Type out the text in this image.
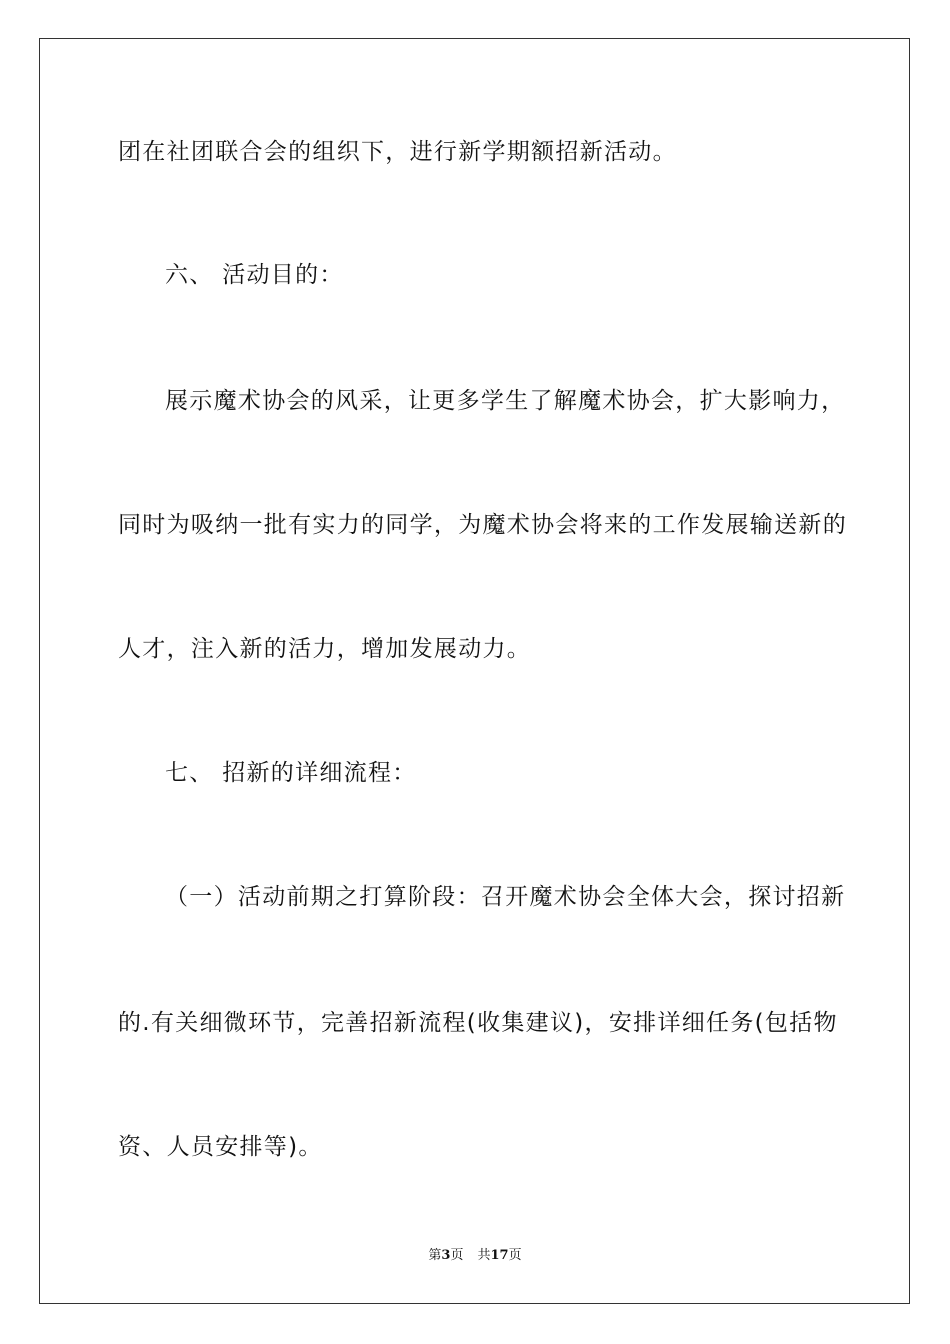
团在社团联合会的组织下，进行新学期额招新活动。
六、 活动目的：
展示魔术协会的风采，让更多学生了解魔术协会，扩大影响力，
同时为吸纳一批有实力的同学，为魔术协会将来的工作发展输送新的
人才，注入新的活力，增加发展动力。
七、 招新的详细流程：
（一）活动前期之打算阶段：召开魔术协会全体大会，探讨招新
的.有关细微环节，完善招新流程(收集建议)，安排详细任务(包括物
资、人员安排等)。
第3页 共17页
